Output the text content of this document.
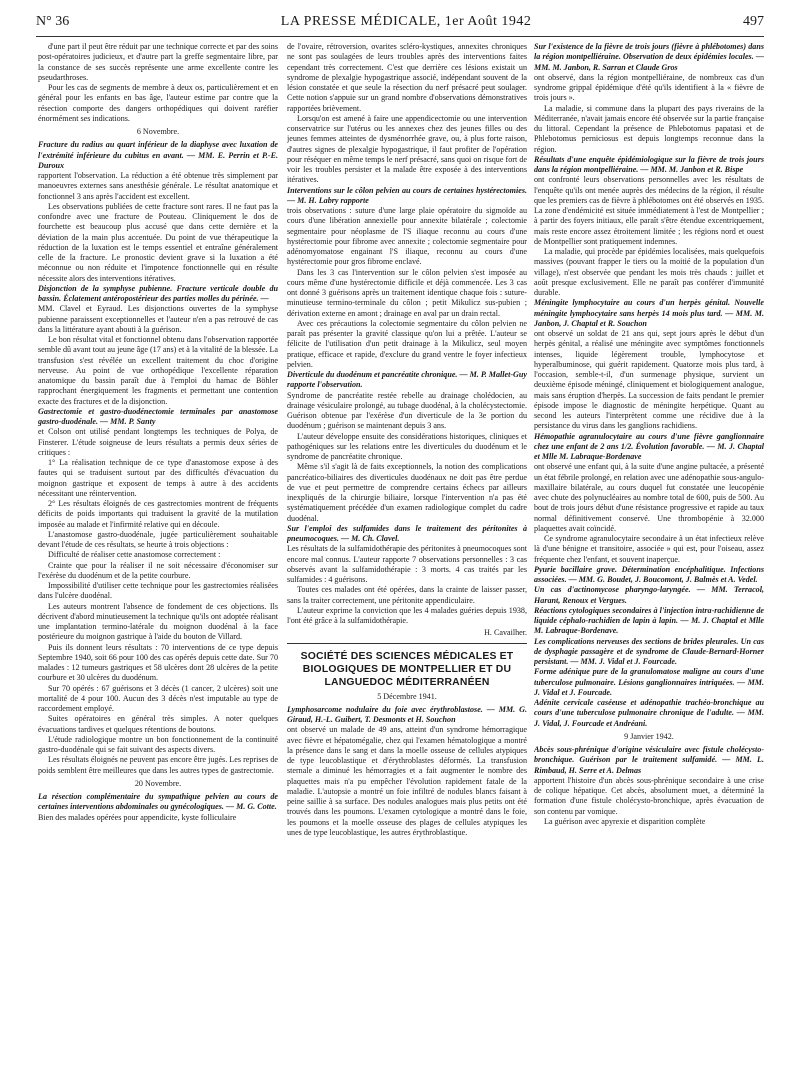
N° 36	LA PRESSE MÉDICALE, 1er Août 1942	497

d'une part il peut être réduit par une technique correcte et par des soins post-opératoires judicieux, et d'autre part la greffe segmentaire libre, par la constance de ses succès représente une arme excellente contre les pseudarthroses.

Pour les cas de segments de membre à deux os, particulièrement et en général pour les enfants en bas âge, l'auteur estime par contre que la résection comporte des dangers orthopédiques qui doivent raréfier énormément ses indications.

6 Novembre.

Fracture du radius au quart inférieur de la diaphyse avec luxation de l'extrémité inférieure du cubitus en avant. — MM. E. Perrin et P.-E. Duroux

rapportent l'observation. La réduction a été obtenue très simplement par manoeuvres externes sans anesthésie générale. Le résultat anatomique et fonctionnel 3 ans après l'accident est excellent.

Les observations publiées de cette fracture sont rares. Il ne faut pas la confondre avec une fracture de Pouteau. Cliniquement le dos de fourchette est beaucoup plus accusé que dans cette dernière et la déviation de la main plus accentuée. Du point de vue thérapeutique la réduction de la luxation est le temps essentiel et entraîne généralement celle de la fracture. Le pronostic devient grave si la luxation a été méconnue ou non réduite et l'impotence fonctionnelle qui en résulte nécessite alors des interventions itératives.

Disjonction de la symphyse pubienne. Fracture verticale double du bassin. Éclatement antéropostérieur des parties molles du périnée. —

MM. Clavel et Eyraud. Les disjonctions ouvertes de la symphyse pubienne paraissent exceptionnelles et l'auteur n'en a pas retrouvé de cas dans la littérature ayant abouti à la guérison.

Le bon résultat vital et fonctionnel obtenu dans l'observation rapportée semble dû avant tout au jeune âge (17 ans) et à la vitalité de la blessée. La transfusion s'est révélée un excellent traitement du choc d'origine nerveuse. Au point de vue orthopédique l'excellente réparation anatomique du bassin paraît due à l'emploi du hamac de Böhler rapprochant énergiquement les fragments et permettant une contention exacte des fractures et de la disjonction.

Gastrectomie et gastro-duodénectomie terminales par anastomose gastro-duodénale. — MM. P. Santy

et Colson ont utilisé pendant longtemps les techniques de Polya, de Finsterer. L'étude soigneuse de leurs résultats a permis deux séries de critiques :

1° La réalisation technique de ce type d'anastomose expose à des fautes qui se traduisent surtout par des difficultés d'évacuation du moignon gastrique et exposent de temps à autre à des accidents nécessitant une réintervention.

2° Les résultats éloignés de ces gastrectomies montrent de fréquents déficits de poids importants qui traduisent la gravité de la mutilation imposée au malade et l'infirmité relative qui en découle.

L'anastomose gastro-duodénale, jugée particulièrement souhaitable devant l'étude de ces résultats, se heurte à trois objections :

Difficulté de réaliser cette anastomose correctement :

Crainte que pour la réaliser il ne soit nécessaire d'économiser sur l'exérèse du duodénum et de la petite courbure.

Impossibilité d'utiliser cette technique pour les gastrectomies réalisées dans l'ulcère duodénal.

Les auteurs montrent l'absence de fondement de ces objections. Ils décrivent d'abord minutieusement la technique qu'ils ont adoptée réalisant une implantation termino-latérale du moignon duodénal à la face postérieure du moignon gastrique à l'aide du bouton de Villard.

Puis ils donnent leurs résultats : 70 interventions de ce type depuis Septembre 1940, soit 66 pour 100 des cas opérés depuis cette date. Sur 70 malades : 12 tumeurs gastriques et 58 ulcères dont 28 ulcères de la petite courbure et 30 ulcères du duodénum.

Sur 70 opérés : 67 guérisons et 3 décès (1 cancer, 2 ulcères) soit une mortalité de 4 pour 100. Aucun des 3 décès n'est imputable au type de raccordement employé.

Suites opératoires en général très simples. A noter quelques évacuations tardives et quelques rétentions de boutons.

L'étude radiologique montre un bon fonctionnement de la continuité gastro-duodénale qui se fait suivant des aspects divers.

Les résultats éloignés ne peuvent pas encore être jugés. Les reprises de poids semblent être meilleures que dans les autres types de gastrectomie.

20 Novembre.

La résection complémentaire du sympathique pelvien au cours de certaines interventions abdominales ou gynécologiques. — M. G. Cotte.

Bien des malades opérées pour appendicite, kyste folliculaire

de l'ovaire, rétroversion, ovarites scléro-kystiques, annexites chroniques ne sont pas soulagées de leurs troubles après des interventions faites cependant très correctement. C'est que derrière ces lésions existait un syndrome de plexalgie hypogastrique associé, indépendant souvent de la lésion constatée et que seule la résection du nerf présacré peut soulager. Cette notion s'appuie sur un grand nombre d'observations démonstratives rapportées brièvement.

Lorsqu'on est amené à faire une appendicectomie ou une intervention conservatrice sur l'utérus ou les annexes chez des jeunes filles ou des jeunes femmes atteintes de dysménorrhée grave, ou, à plus forte raison, d'autres signes de plexalgie hypogastrique, il faut profiter de l'opération pour réséquer en même temps le nerf présacré, sans quoi on risque fort de voir les troubles persister et la malade être exposée à des interventions itératives.

Interventions sur le côlon pelvien au cours de certaines hystérectomies. — M. H. Labry rapporte

trois observations : suture d'une large plaie opératoire du sigmoïde au cours d'une libération annexielle pour annexite bilatérale ; colectomie segmentaire pour néoplasme de l'S iliaque reconnu au cours d'une hystérectomie pour fibrome avec annexite ; colectomie segmentaire pour adénomyomatose engainant l'S iliaque, reconnu au cours d'une hystérectomie pour gros fibrome enclavé.

Dans les 3 cas l'intervention sur le côlon pelvien s'est imposée au cours même d'une hystérectomie difficile et déjà commencée. Les 3 cas ont donné 3 guérisons après un traitement identique chaque fois : suture-minutieuse termino-terminale du côlon ; petit Mikulicz sus-pubien ; dérivation externe en amont ; drainage en aval par un drain rectal.

Avec ces précautions la colectomie segmentaire du côlon pelvien ne paraît pas présenter la gravité classique qu'on lui a prêtée. L'auteur se félicite de l'utilisation d'un petit drainage à la Mikulicz, seul moyen pratique, efficace et rapide, d'exclure du grand ventre le foyer infectieux pelvien.

Diverticule du duodénum et pancréatite chronique. — M. P. Mallet-Guy rapporte l'observation.

Syndrome de pancréatite restée rebelle au drainage cholédocien, au drainage vésiculaire prolongé, au tubage duodénal, à la cholécystectomie. Guérison obtenue par l'exérèse d'un diverticule de la 3e portion du duodénum ; guérison se maintenant depuis 3 ans.

L'auteur développe ensuite des considérations historiques, cliniques et pathogéniques sur les relations entre les diverticules du duodénum et le syndrome de pancréatite chronique.

Même s'il s'agit là de faits exceptionnels, la notion des complications pancréatico-biliaires des diverticules duodénaux ne doit pas être perdue de vue et peut permettre de comprendre certains échecs par ailleurs inexpliqués de la chirurgie biliaire, lorsque l'intervention n'a pas été systématiquement précédée d'un examen radiologique complet du cadre duodénal.

Sur l'emploi des sulfamides dans le traitement des péritonites à pneumocoques. — M. Ch. Clavel.

Les résultats de la sulfamidothérapie des péritonites à pneumocoques sont encore mal connus. L'auteur rapporte 7 observations personnelles : 3 cas observés avant la sulfamidothérapie : 3 morts. 4 cas traités par les sulfamides : 4 guérisons.

Toutes ces malades ont été opérées, dans la crainte de laisser passer, sans la traiter correctement, une péritonite appendiculaire.

L'auteur exprime la conviction que les 4 malades guéries depuis 1938, l'ont été grâce à la sulfamidothérapie.

H. Cavailher.

SOCIÉTÉ DES SCIENCES MÉDICALES ET BIOLOGIQUES DE MONTPELLIER ET DU LANGUEDOC MÉDITERRANÉEN

5 Décembre 1941.

Lymphosarcome nodulaire du foie avec érythroblastose. — MM. G. Giraud, H.-L. Guibert, T. Desmonts et H. Souchon

ont observé un malade de 49 ans, atteint d'un syndrome hémorragique avec fièvre et hépatomégalie, chez qui l'examen hématologique a montré la présence dans le sang et dans la moelle osseuse de cellules atypiques de type leucoblastique et d'érythroblastes déformés. La transfusion sternale a diminué les hémorragies et a fait augmenter le nombre des plaquettes mais n'a pu empêcher l'évolution rapidement fatale de la maladie. L'autopsie a montré un foie infiltré de nodules blancs faisant à peine saillie à sa surface. Des nodules analogues mais plus petits ont été trouvés dans les poumons. L'examen cytologique a montré dans le foie, les poumons et la moelle osseuse des plages de cellules atypiques les unes de type leucoblastique, les autres érythroblastique.

Sur l'existence de la fièvre de trois jours (fièvre à phlébotomes) dans la région montpelliéraine. Observation de deux épidémies locales. — MM. M. Janbon, R. Sarran et Claude Gros

ont observé, dans la région montpelliéraine, de nombreux cas d'un syndrome grippal épidémique d'été qu'ils identifient à la « fièvre de trois jours ».

La maladie, si commune dans la plupart des pays riverains de la Méditerranée, n'avait jamais encore été observée sur la partie française du littoral. Cependant la présence de Phlebotomus papatasi et de Phlebotomus perniciosus est depuis longtemps reconnue dans la région.

Résultats d'une enquête épidémiologique sur la fièvre de trois jours dans la région montpelliéraine. — MM. M. Janbon et R. Bispe

ont confronté leurs observations personnelles avec les résultats de l'enquête qu'ils ont menée auprès des médecins de la région, il résulte que les premiers cas de fièvre à phlébotomes ont été observés en 1935. La zone d'endémicité est située immédiatement à l'est de Montpellier ; à partir des foyers initiaux, elle paraît s'être étendue excentriquement, mais reste encore assez étroitement limitée ; les régions nord et ouest de Montpellier sont pratiquement indemnes.

La maladie, qui procède par épidémies localisées, mais quelquefois massives (pouvant frapper le tiers ou la moitié de la population d'un village), n'est observée que pendant les mois très chauds : juillet et août presque exclusivement. Elle ne paraît pas conférer d'immunité durable.

Méningite lymphocytaire au cours d'un herpès génital. Nouvelle méningite lymphocytaire sans herpès 14 mois plus tard. — MM. M. Janbon, J. Chaptal et R. Souchon

ont observé un soldat de 21 ans qui, sept jours après le début d'un herpès génital, a réalisé une méningite avec symptômes fonctionnels intenses, liquide légèrement trouble, lymphocytose et hyperalbuminose, qui guérit rapidement. Quatorze mois plus tard, à l'occasion, semble-t-il, d'un surmenage physique, survient un deuxième épisode méningé, cliniquement et biologiquement analogue, mais sans éruption d'herpès. La succession de faits pendant le premier épisode impose le diagnostic de méningite herpétique. Quant au second les auteurs l'interprètent comme une récidive due à la persistance du virus dans les ganglions rachidiens.

Hémopathie agranulocytaire au cours d'une fièvre ganglionnaire chez une enfant de 2 ans 1/2. Évolution favorable. — M. J. Chaptal et Mlle M. Labraque-Bordenave

ont observé une enfant qui, à la suite d'une angine pultacée, a présenté un état fébrile prolongé, en relation avec une adénopathie sous-angulo-maxillaire bilatérale, au cours duquel fut constatée une leucopénie avec chute des polynucléaires au nombre total de 600, puis de 500. Au bout de trois jours début d'une résistance progressive et rapide au taux normal définitivement conservé. Une thrombopénie à 32.000 plaquettes avait coïncidé.

Ce syndrome agranulocytaire secondaire à un état infectieux relève là d'une bénigne et transitoire, associée » qui est, pour l'oiseau, assez fréquente chez l'enfant, et souvent inaperçue.

Pyurie bacillaire grave. Détermination encéphalitique. Infections associées. — MM. G. Boudet, J. Boucomont, J. Balmès et A. Vedel.

Un cas d'actinomycose pharyngo-laryngée. — MM. Terracol, Harant, Renoux et Vergues.

Réactions cytologiques secondaires à l'injection intra-rachidienne de liquide céphalo-rachidien de lapin à lapin. — M. J. Chaptal et Mlle M. Labraque-Bordenave.

Les complications nerveuses des sections de brides pleurales. Un cas de dysphagie passagère et de syndrome de Claude-Bernard-Horner persistant. — MM. J. Vidal et J. Fourcade.

Forme adénique pure de la granulomatose maligne au cours d'une tuberculose pulmonaire. Lésions ganglionnaires intriquées. — MM. J. Vidal et J. Fourcade.

Adénite cervicale caséeuse et adénopathie trachéo-bronchique au cours d'une tuberculose pulmonaire chronique de l'adulte. — MM. J. Vidal, J. Fourcade et Andréani.

9 Janvier 1942.

Abcès sous-phrénique d'origine vésiculaire avec fistule cholécysto-bronchique. Guérison par le traitement sulfamidé. — MM. L. Rimbaud, H. Serre et A. Delmas

apportent l'histoire d'un abcès sous-phrénique secondaire à une crise de colique hépatique. Cet abcès, absolument muet, a déterminé la formation d'une fistule cholécysto-bronchique, après évacuation de son contenu par vomique.

La guérison avec apyrexie et disparition complète
